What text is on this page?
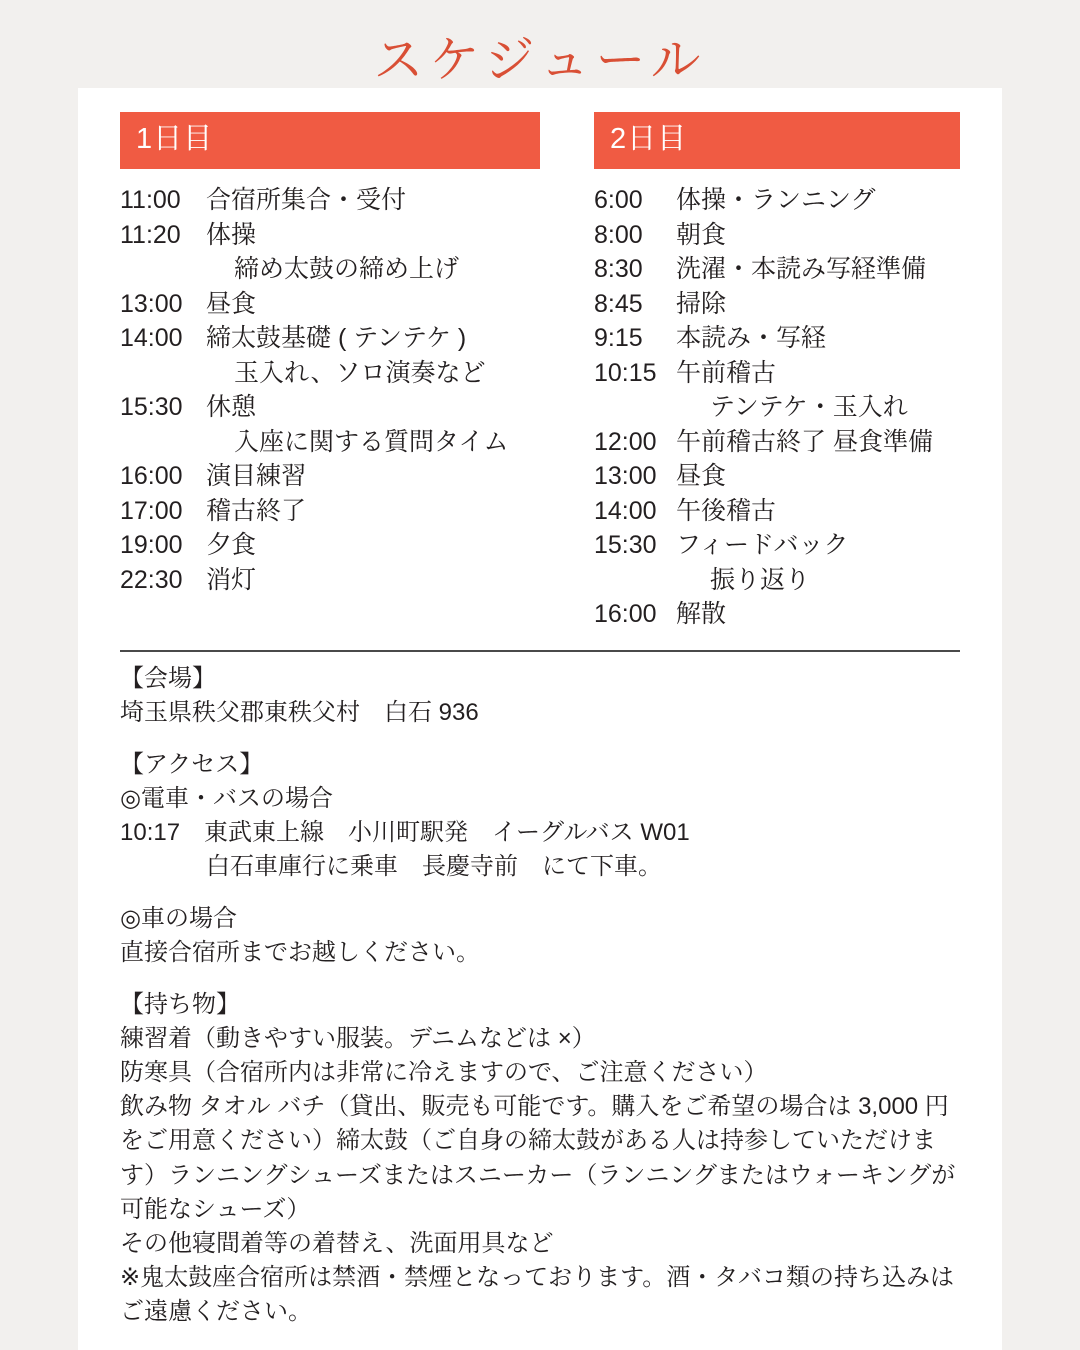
スケジュール
1日目
11:00	合宿所集合・受付
11:20	体操
締め太鼓の締め上げ
13:00 昼食
14:00 締太鼓基礎 ( テンテケ )
玉入れ、ソロ演奏など
15:30 休憩
入座に関する質問タイム
16:00 演目練習
17:00 稽古終了
19:00 夕食
22:30 消灯
2日目
6:00	体操・ランニング
8:00	朝食
8:30	洗濯・本読み写経準備
8:45	掃除
9:15	本読み・写経
10:15 午前稽古
テンテケ・玉入れ
12:00 午前稽古終了 昼食準備
13:00 昼食
14:00 午後稽古
15:30 フィードバック
振り返り
16:00 解散

【会場】

埼玉県秩父郡東秩父村　白石 936

【アクセス】

◎電車・バスの場合

10:17　東武東上線　小川町駅発　イーグルバス W01

白石車庫行に乗車　長慶寺前　にて下車。

◎車の場合

直接合宿所までお越しください。

【持ち物】

練習着（動きやすい服装。デニムなどは ×）

防寒具（合宿所内は非常に冷えますので、ご注意ください）

飲み物 タオル バチ（貸出、販売も可能です。購入をご希望の場合は 3,000 円をご用意ください）締太鼓（ご自身の締太鼓がある人は持参していただけます）ランニングシューズまたはスニーカー（ランニングまたはウォーキングが可能なシューズ）

その他寝間着等の着替え、洗面用具など

※鬼太鼓座合宿所は禁酒・禁煙となっております。酒・タバコ類の持ち込みはご遠慮ください。
